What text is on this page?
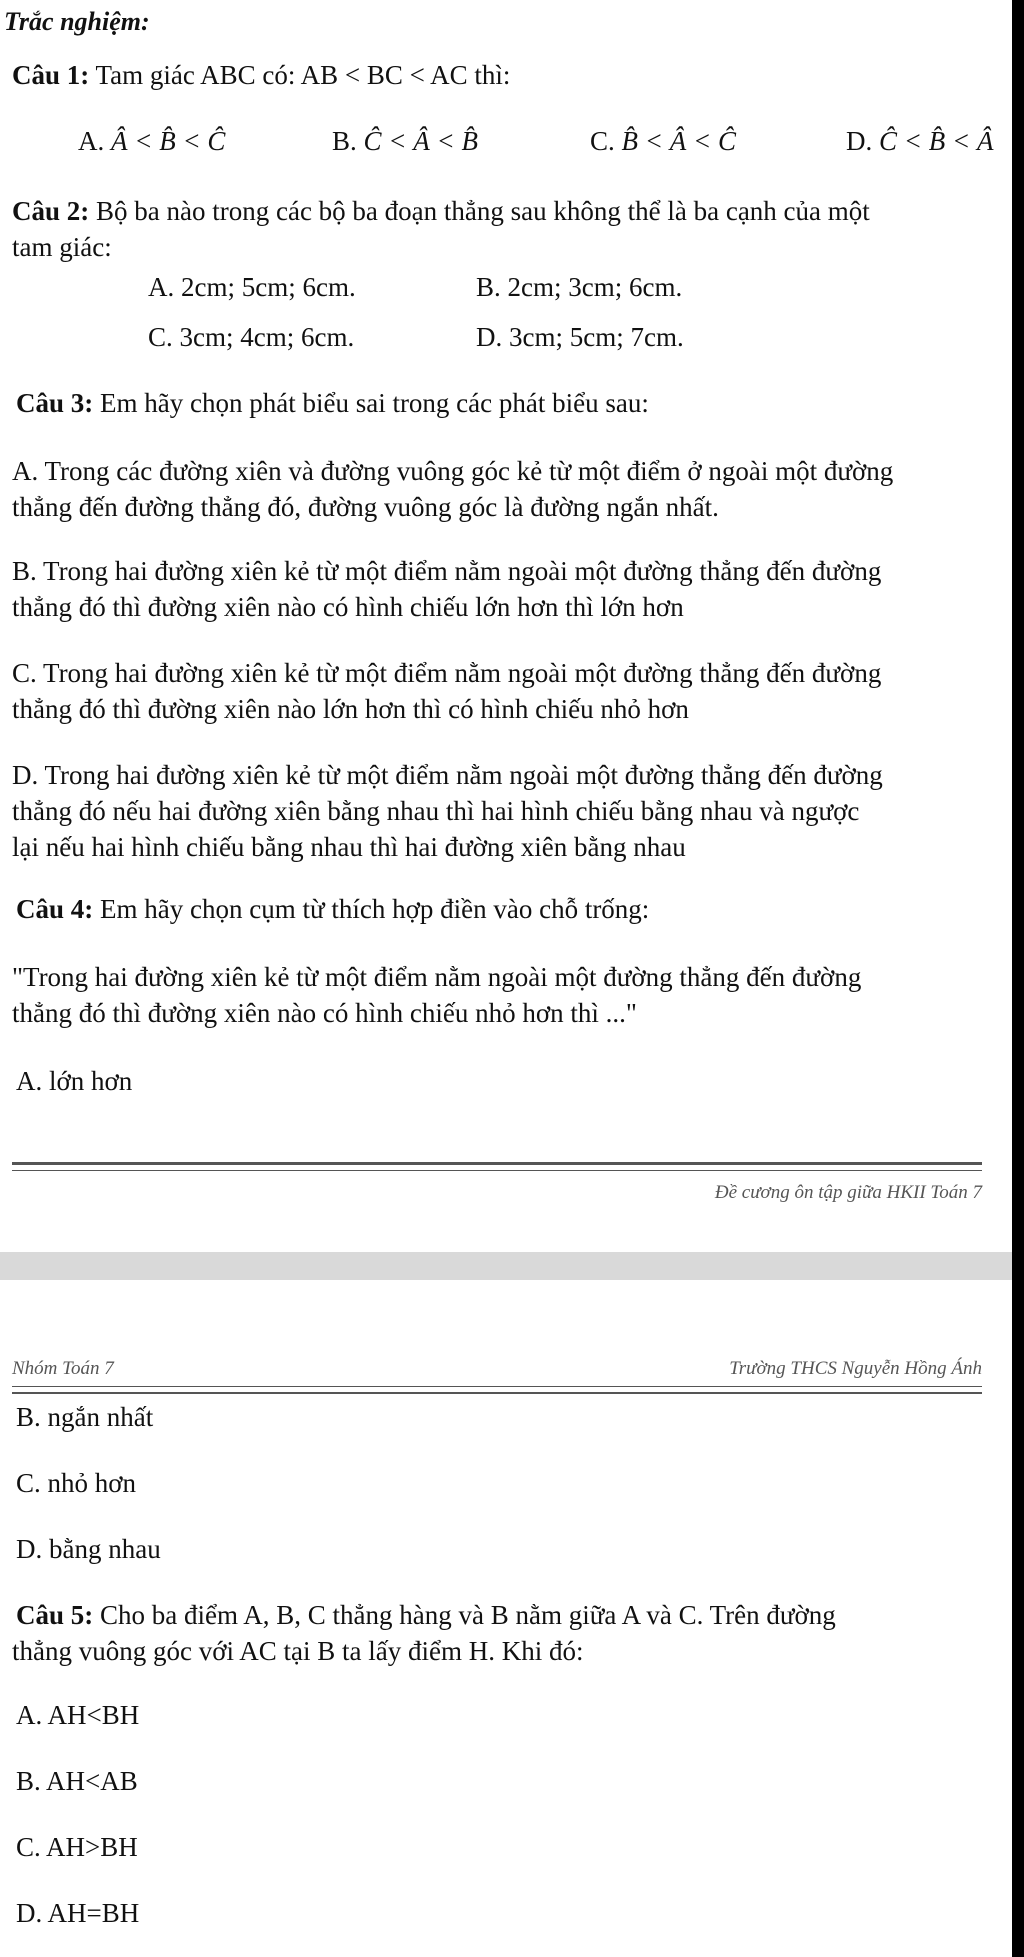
Trắc nghiệm:
Câu 1: Tam giác ABC có: AB < BC < AC thì:
A. Â < B̂ < Ĉ	B. Ĉ < Â < B̂	C. B̂ < Â < Ĉ	D. Ĉ < B̂ < Â
Câu 2: Bộ ba nào trong các bộ ba đoạn thẳng sau không thể là ba cạnh của một
tam giác:
A. 2cm; 5cm; 6cm.	B. 2cm; 3cm; 6cm.
C. 3cm; 4cm; 6cm.	D. 3cm; 5cm; 7cm.
Câu 3: Em hãy chọn phát biểu sai trong các phát biểu sau:
A. Trong các đường xiên và đường vuông góc kẻ từ một điểm ở ngoài một đường
thẳng đến đường thẳng đó, đường vuông góc là đường ngắn nhất.
B. Trong hai đường xiên kẻ từ một điểm nằm ngoài một đường thẳng đến đường
thẳng đó thì đường xiên nào có hình chiếu lớn hơn thì lớn hơn
C. Trong hai đường xiên kẻ từ một điểm nằm ngoài một đường thẳng đến đường
thẳng đó thì đường xiên nào lớn hơn thì có hình chiếu nhỏ hơn
D. Trong hai đường xiên kẻ từ một điểm nằm ngoài một đường thẳng đến đường
thẳng đó nếu hai đường xiên bằng nhau thì hai hình chiếu bằng nhau và ngược
lại nếu hai hình chiếu bằng nhau thì hai đường xiên bằng nhau
Câu 4: Em hãy chọn cụm từ thích hợp điền vào chỗ trống:
"Trong hai đường xiên kẻ từ một điểm nằm ngoài một đường thẳng đến đường
thẳng đó thì đường xiên nào có hình chiếu nhỏ hơn thì ..."
A. lớn hơn
Đề cương ôn tập giữa HKII Toán 7
Nhóm Toán 7	Trường THCS Nguyễn Hồng Ánh
B. ngắn nhất
C. nhỏ hơn
D. bằng nhau
Câu 5: Cho ba điểm A, B, C thẳng hàng và B nằm giữa A và C. Trên đường
thẳng vuông góc với AC tại B ta lấy điểm H. Khi đó:
A. AH<BH
B. AH<AB
C. AH>BH
D. AH=BH
